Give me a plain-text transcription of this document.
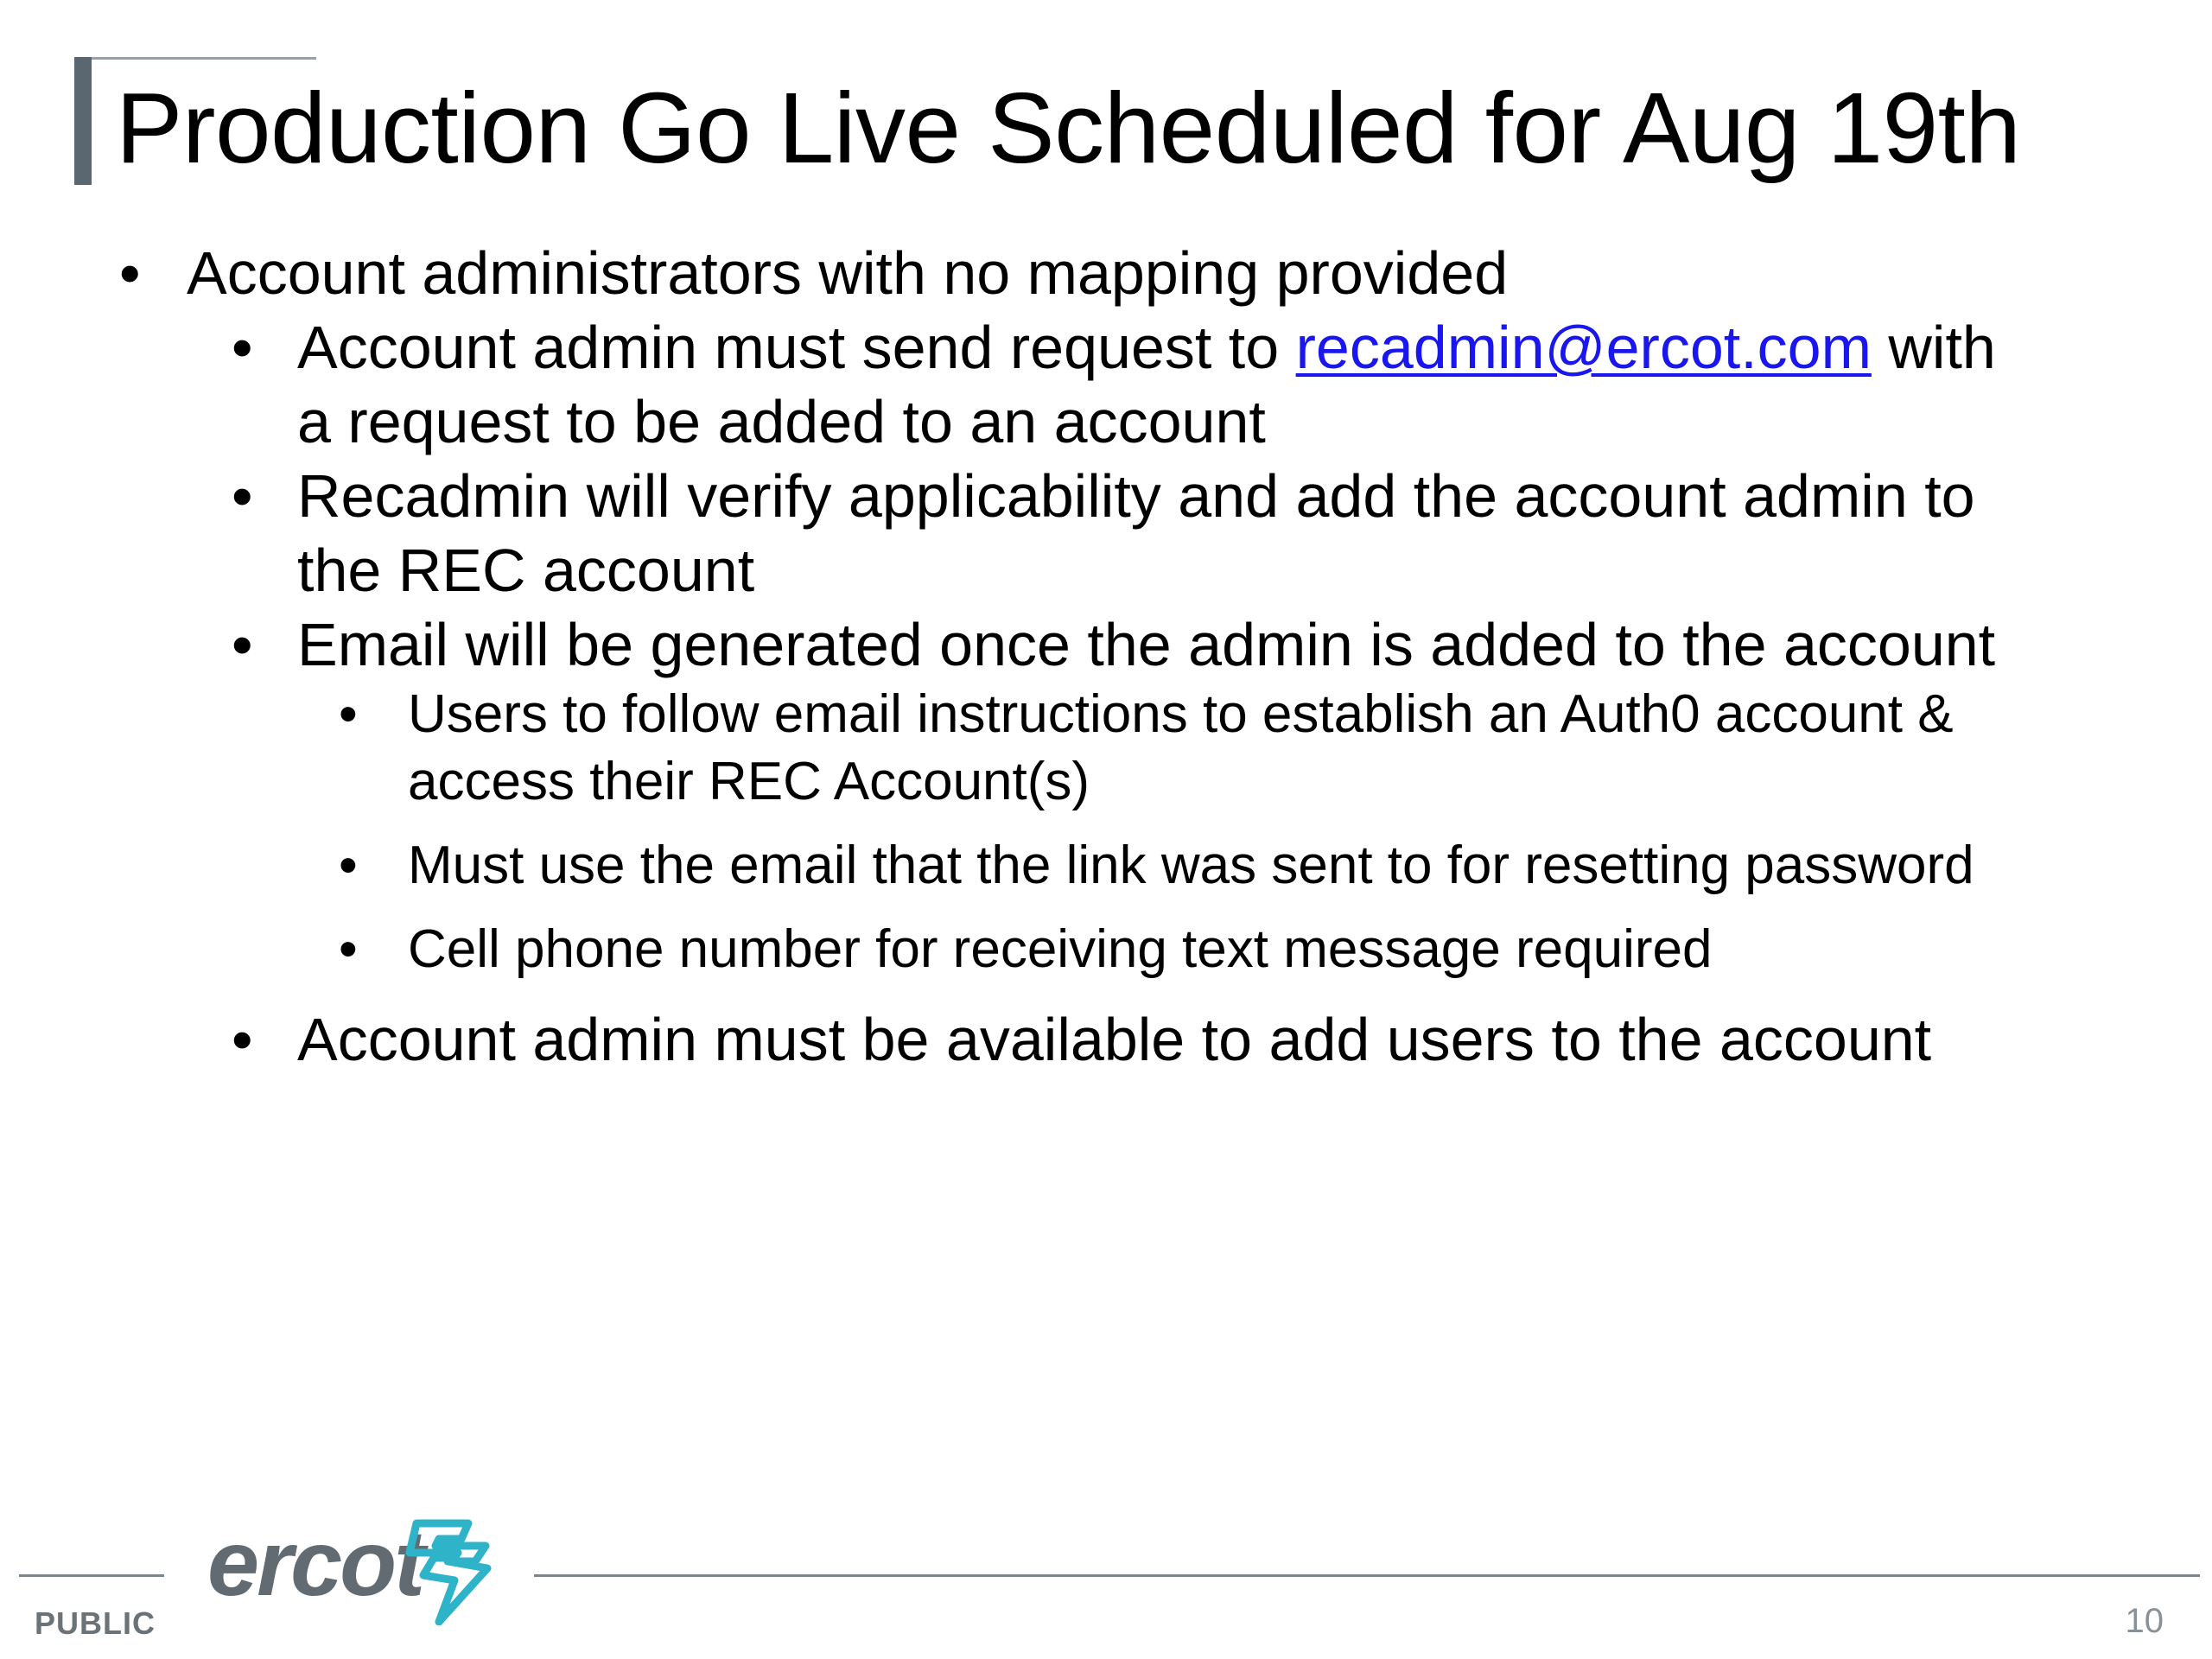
Production Go Live Scheduled for Aug 19th
• Account administrators with no mapping provided
• Account admin must send request to recadmin@ercot.com with
a request to be added to an account
• Recadmin will verify applicability and add the account admin to
the REC account
• Email will be generated once the admin is added to the account
• Users to follow email instructions to establish an Auth0 account &
access their REC Account(s)
• Must use the email that the link was sent to for resetting password
• Cell phone number for receiving text message required
• Account admin must be available to add users to the account
ercot
PUBLIC	10
